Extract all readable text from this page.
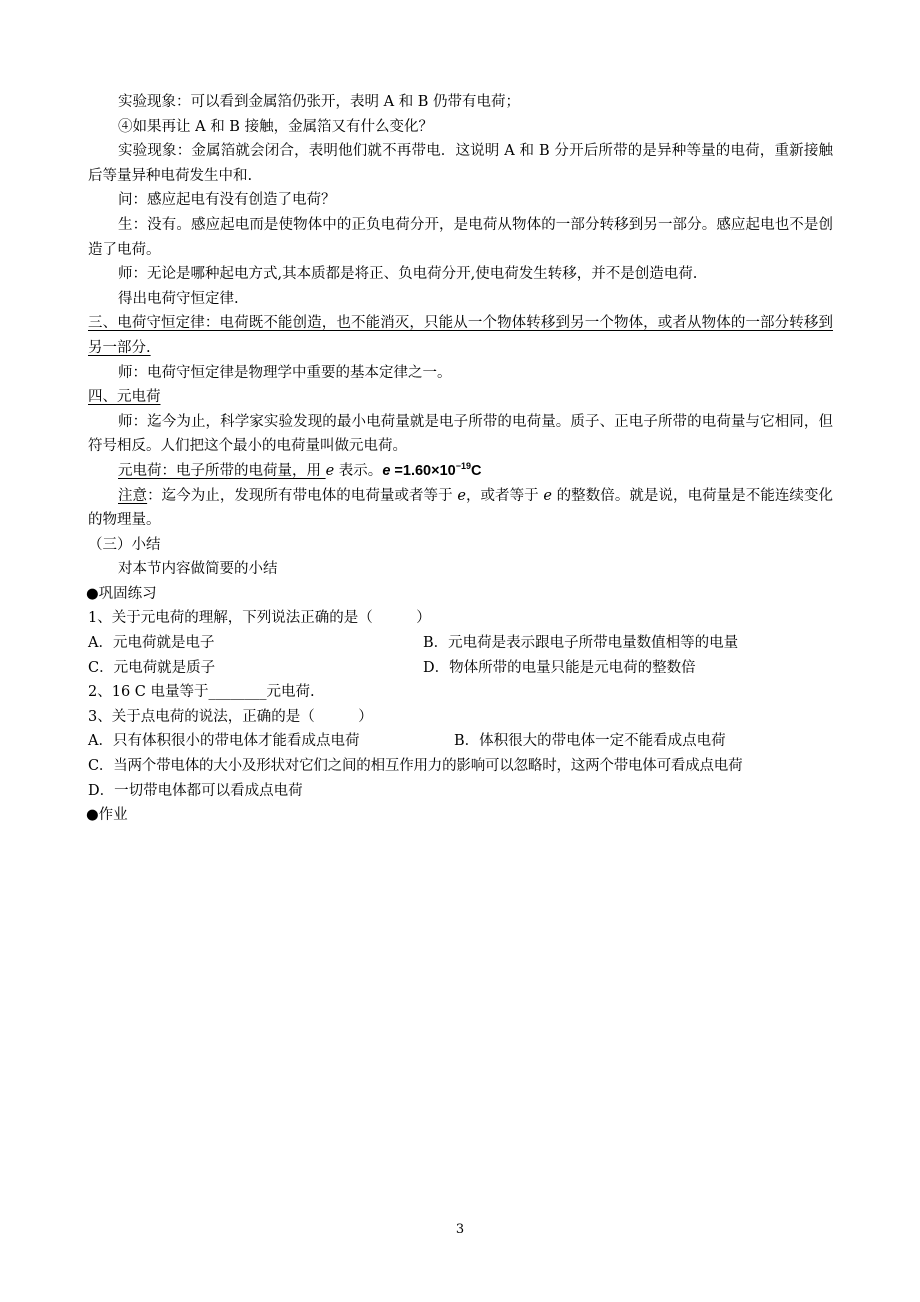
实验现象：可以看到金属箔仍张开，表明 A 和 B 仍带有电荷；

④如果再让 A 和 B 接触，金属箔又有什么变化？

实验现象：金属箔就会闭合，表明他们就不再带电．这说明 A 和 B 分开后所带的是异种等量的电荷，重新接触后等量异种电荷发生中和.

问：感应起电有没有创造了电荷？

生：没有。感应起电而是使物体中的正负电荷分开，是电荷从物体的一部分转移到另一部分。感应起电也不是创造了电荷。

师：无论是哪种起电方式,其本质都是将正、负电荷分开,使电荷发生转移，并不是创造电荷.

得出电荷守恒定律.

三、电荷守恒定律：电荷既不能创造，也不能消灭，只能从一个物体转移到另一个物体，或者从物体的一部分转移到另一部分.

师：电荷守恒定律是物理学中重要的基本定律之一。

四、元电荷

师：迄今为止，科学家实验发现的最小电荷量就是电子所带的电荷量。质子、正电子所带的电荷量与它相同，但符号相反。人们把这个最小的电荷量叫做元电荷。

元电荷：电子所带的电荷量，用 e 表示。$e =1.60\times 10^{-19}C$

注意：迄今为止，发现所有带电体的电荷量或者等于 e，或者等于 e 的整数倍。就是说，电荷量是不能连续变化的物理量。

（三）小结

对本节内容做简要的小结

●巩固练习

1、关于元电荷的理解，下列说法正确的是（　　　）

A．元电荷就是电子	B．元电荷是表示跟电子所带电量数值相等的电量
C．元电荷就是质子	D．物体所带的电量只能是元电荷的整数倍

2、16 C 电量等于________元电荷.

3、关于点电荷的说法，正确的是（　　　）

A．只有体积很小的带电体才能看成点电荷	B．体积很大的带电体一定不能看成点电荷

C．当两个带电体的大小及形状对它们之间的相互作用力的影响可以忽略时，这两个带电体可看成点电荷

D．一切带电体都可以看成点电荷

●作业

3
